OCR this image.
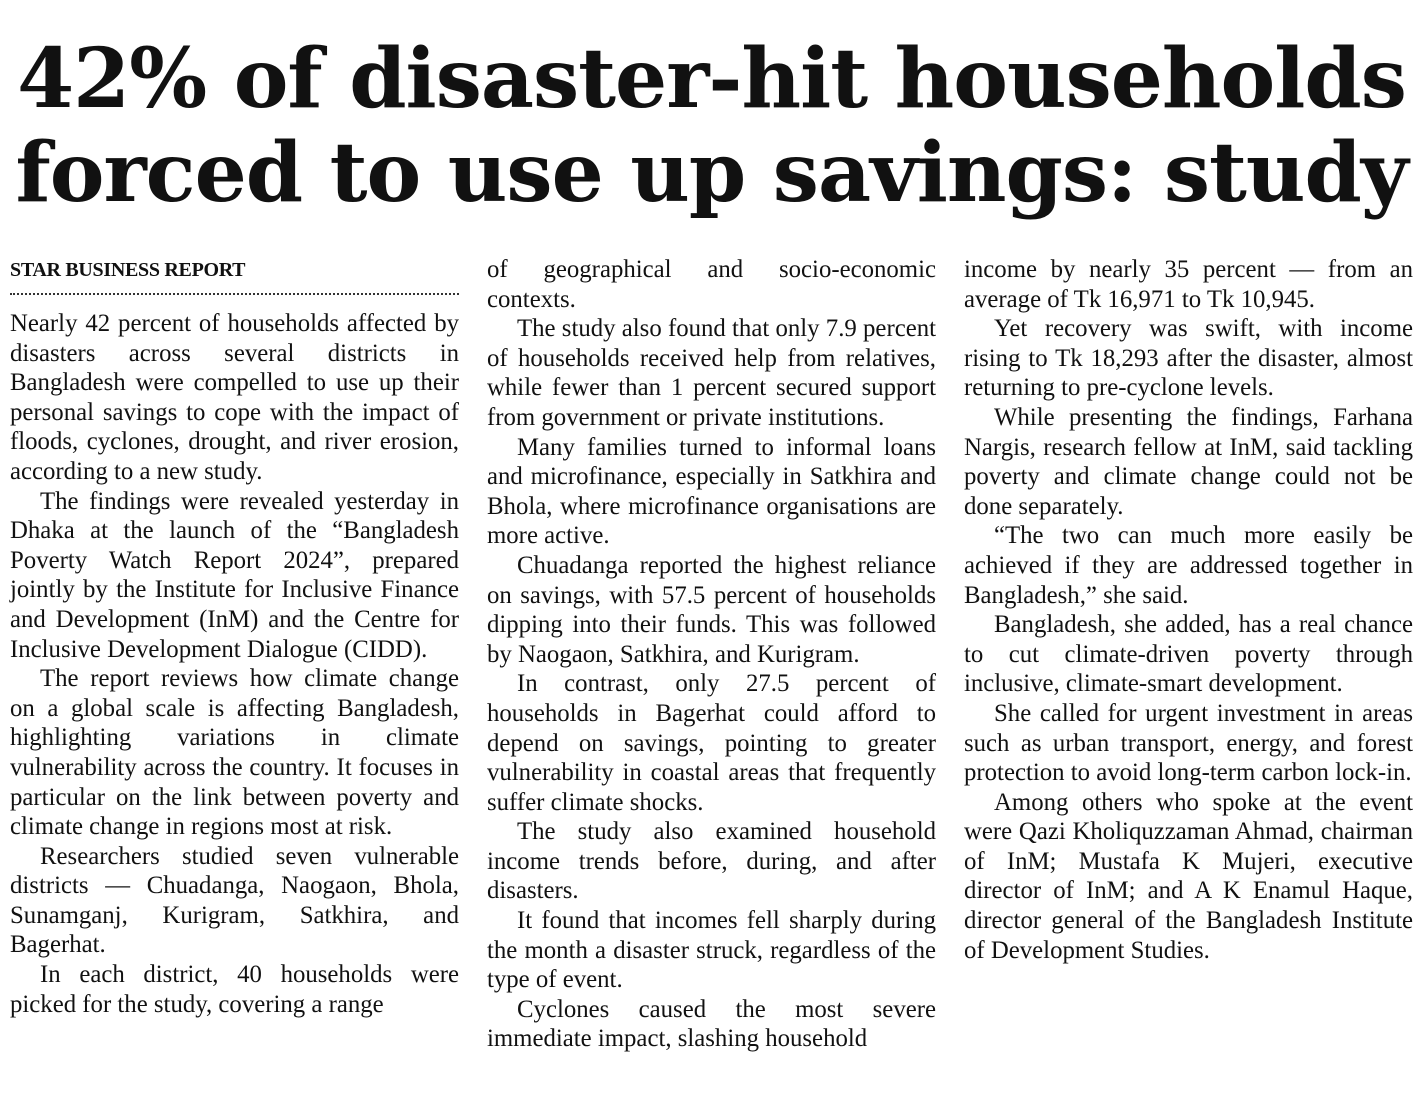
42% of disaster-hit households
forced to use up savings: study
STAR BUSINESS REPORT

Nearly 42 percent of households affected by disasters across several districts in Bangladesh were compelled to use up their personal savings to cope with the impact of floods, cyclones, drought, and river erosion, according to a new study.

The findings were revealed yesterday in Dhaka at the launch of the “Bangladesh Poverty Watch Report 2024”, prepared jointly by the Institute for Inclusive Finance and Development (InM) and the Centre for Inclusive Development Dialogue (CIDD).

The report reviews how climate change on a global scale is affecting Bangladesh, highlighting variations in climate vulnerability across the country. It focuses in particular on the link between poverty and climate change in regions most at risk.

Researchers studied seven vulnerable districts — Chuadanga, Naogaon, Bhola, Sunamganj, Kurigram, Satkhira, and Bagerhat.

In each district, 40 households were picked for the study, covering a range

of geographical and socio-economic contexts.

The study also found that only 7.9 percent of households received help from relatives, while fewer than 1 percent secured support from government or private institutions.

Many families turned to informal loans and microfinance, especially in Satkhira and Bhola, where microfinance organisations are more active.

Chuadanga reported the highest reliance on savings, with 57.5 percent of households dipping into their funds. This was followed by Naogaon, Satkhira, and Kurigram.

In contrast, only 27.5 percent of households in Bagerhat could afford to depend on savings, pointing to greater vulnerability in coastal areas that frequently suffer climate shocks.

The study also examined household income trends before, during, and after disasters.

It found that incomes fell sharply during the month a disaster struck, regardless of the type of event.

Cyclones caused the most severe immediate impact, slashing household

income by nearly 35 percent — from an average of Tk 16,971 to Tk 10,945.

Yet recovery was swift, with income rising to Tk 18,293 after the disaster, almost returning to pre-cyclone levels.

While presenting the findings, Farhana Nargis, research fellow at InM, said tackling poverty and climate change could not be done separately.

“The two can much more easily be achieved if they are addressed together in Bangladesh,” she said.

Bangladesh, she added, has a real chance to cut climate-driven poverty through inclusive, climate-smart development.

She called for urgent investment in areas such as urban transport, energy, and forest protection to avoid long-term carbon lock-in.

Among others who spoke at the event were Qazi Kholiquzzaman Ahmad, chairman of InM; Mustafa K Mujeri, executive director of InM; and A K Enamul Haque, director general of the Bangladesh Institute of Development Studies.
